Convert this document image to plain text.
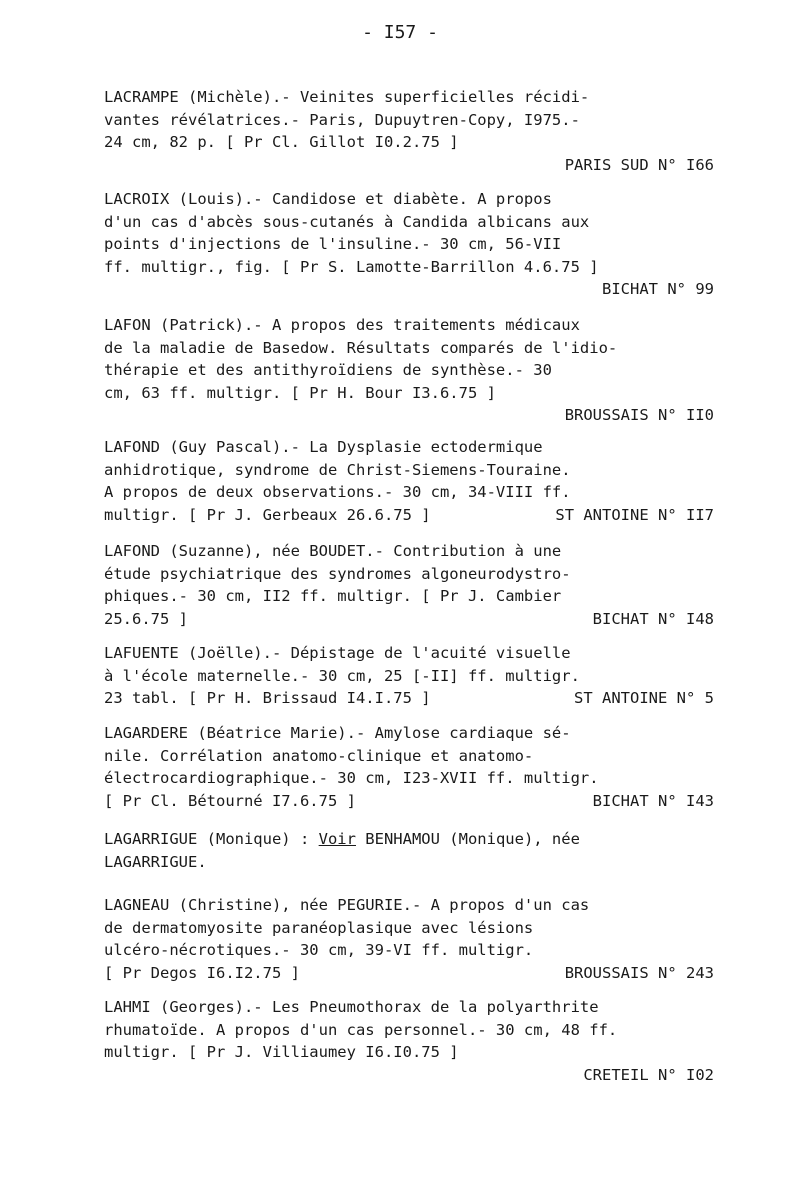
- I57 -
LACRAMPE (Michèle).- Veinites superficielles récidi-
vantes révélatrices.- Paris, Dupuytren-Copy, I975.-
24 cm, 82 p. [ Pr Cl. Gillot I0.2.75 ]
PARIS SUD N° I66
LACROIX (Louis).- Candidose et diabète. A propos
d'un cas d'abcès sous-cutanés à Candida albicans aux
points d'injections de l'insuline.- 30 cm, 56-VII
ff. multigr., fig. [ Pr S. Lamotte-Barrillon 4.6.75 ]
BICHAT N° 99
LAFON (Patrick).- A propos des traitements médicaux
de la maladie de Basedow. Résultats comparés de l'idio-
thérapie et des antithyroïdiens de synthèse.- 30
cm, 63 ff. multigr. [ Pr H. Bour I3.6.75 ]
BROUSSAIS N° II0
LAFOND (Guy Pascal).- La Dysplasie ectodermique
anhidrotique, syndrome de Christ-Siemens-Touraine.
A propos de deux observations.- 30 cm, 34-VIII ff.
multigr. [ Pr J. Gerbeaux 26.6.75 ]	ST ANTOINE N° II7
LAFOND (Suzanne), née BOUDET.- Contribution à une
étude psychiatrique des syndromes algoneurodystro-
phiques.- 30 cm, II2 ff. multigr. [ Pr J. Cambier
25.6.75 ]	BICHAT N° I48
LAFUENTE (Joëlle).- Dépistage de l'acuité visuelle
à l'école maternelle.- 30 cm, 25 [-II] ff. multigr.
23 tabl. [ Pr H. Brissaud I4.I.75 ]	ST ANTOINE N° 5
LAGARDERE (Béatrice Marie).- Amylose cardiaque sé-
nile. Corrélation anatomo-clinique et anatomo-
électrocardiographique.- 30 cm, I23-XVII ff. multigr.
[ Pr Cl. Bétourné I7.6.75 ]	BICHAT N° I43
LAGARRIGUE (Monique) : Voir BENHAMOU (Monique), née
LAGARRIGUE.
LAGNEAU (Christine), née PEGURIE.- A propos d'un cas
de dermatomyosite paranéoplasique avec lésions
ulcéro-nécrotiques.- 30 cm, 39-VI ff. multigr.
[ Pr Degos I6.I2.75 ]	BROUSSAIS N° 243
LAHMI (Georges).- Les Pneumothorax de la polyarthrite
rhumatoïde. A propos d'un cas personnel.- 30 cm, 48 ff.
multigr. [ Pr J. Villiaumey I6.I0.75 ]
CRETEIL N° I02
